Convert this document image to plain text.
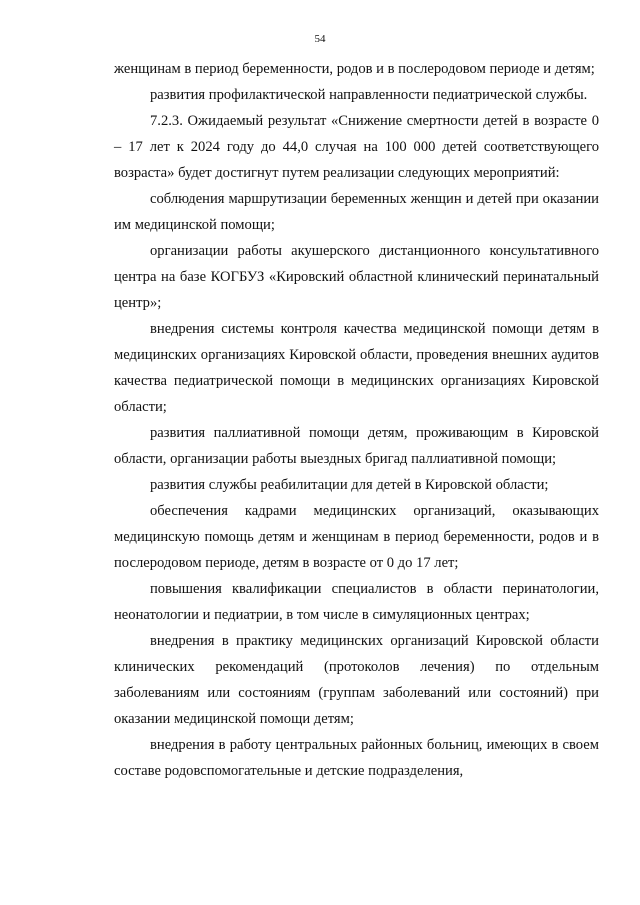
54

женщинам в период беременности, родов и в послеродовом периоде и детям;

развития профилактической направленности педиатрической службы.

7.2.3. Ожидаемый результат «Снижение смертности детей в возрасте 0 – 17 лет к 2024 году до 44,0 случая на 100 000 детей соответствующего возраста» будет достигнут путем реализации следующих мероприятий:

соблюдения маршрутизации беременных женщин и детей при оказании им медицинской помощи;

организации работы акушерского дистанционного консультативного центра на базе КОГБУЗ «Кировский областной клинический перинатальный центр»;

внедрения системы контроля качества медицинской помощи детям в медицинских организациях Кировской области, проведения внешних аудитов качества педиатрической помощи в медицинских организациях Кировской области;

развития паллиативной помощи детям, проживающим в Кировской области, организации работы выездных бригад паллиативной помощи;

развития службы реабилитации для детей в Кировской области;

обеспечения кадрами медицинских организаций, оказывающих медицинскую помощь детям и женщинам в период беременности, родов и в послеродовом периоде, детям в возрасте от 0 до 17 лет;

повышения квалификации специалистов в области перинатологии, неонатологии и педиатрии, в том числе в симуляционных центрах;

внедрения в практику медицинских организаций Кировской области клинических рекомендаций (протоколов лечения) по отдельным заболеваниям или состояниям (группам заболеваний или состояний) при оказании медицинской помощи детям;

внедрения в работу центральных районных больниц, имеющих в своем составе родовспомогательные и детские подразделения,
